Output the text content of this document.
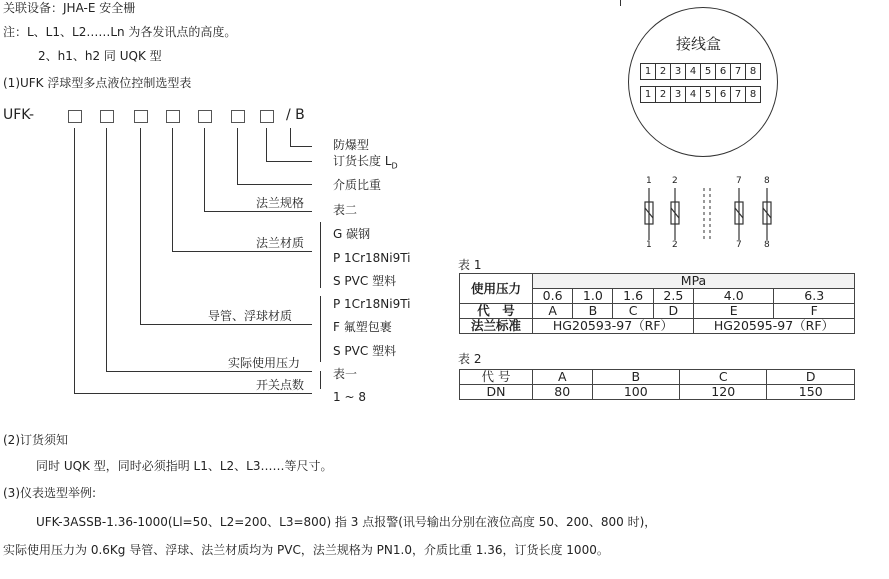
关联设备：JHA-E 安全栅
注：L、L1、L2……Ln 为各发讯点的高度。
2、h1、h2 同 UQK 型
(1)UFK 浮球型多点液位控制选型表
UFK-	/ B
法兰规格
法兰材质
导管、浮球材质
实际使用压力
开关点数
防爆型
订货长度 $L_D$
介质比重
表二
G 碳钢
P 1Cr18Ni9Ti
S PVC 塑料
P 1Cr18Ni9Ti
F 氟塑包裹
S PVC 塑料
表一
1 ~ 8
接线盒
1 2 3 4 5 6 7 8
1 2 3 4 5 6 7 8
1 2	7 8
1 2	7 8
表 1
使用压力	MPa					
	0.6	1.0	1.6	2.5	4.0	6.3
代　号	A	B	C	D	E	F
法兰标准	HG20593-97（RF）				HG20595-97（RF）	
表 2
代 号	A	B	C	D
DN	80	100	120	150
(2)订货须知
同时 UQK 型，同时必须指明 L1、L2、L3……等尺寸。
(3)仪表选型举例:
UFK-3ASSB-1.36-1000(Ll=50、L2=200、L3=800) 指 3 点报警(讯号输出分别在液位高度 50、200、800 时)，
实际使用压力为 0.6Kg 导管、浮球、法兰材质均为 PVC，法兰规格为 PN1.0，介质比重 1.36，订货长度 1000。
